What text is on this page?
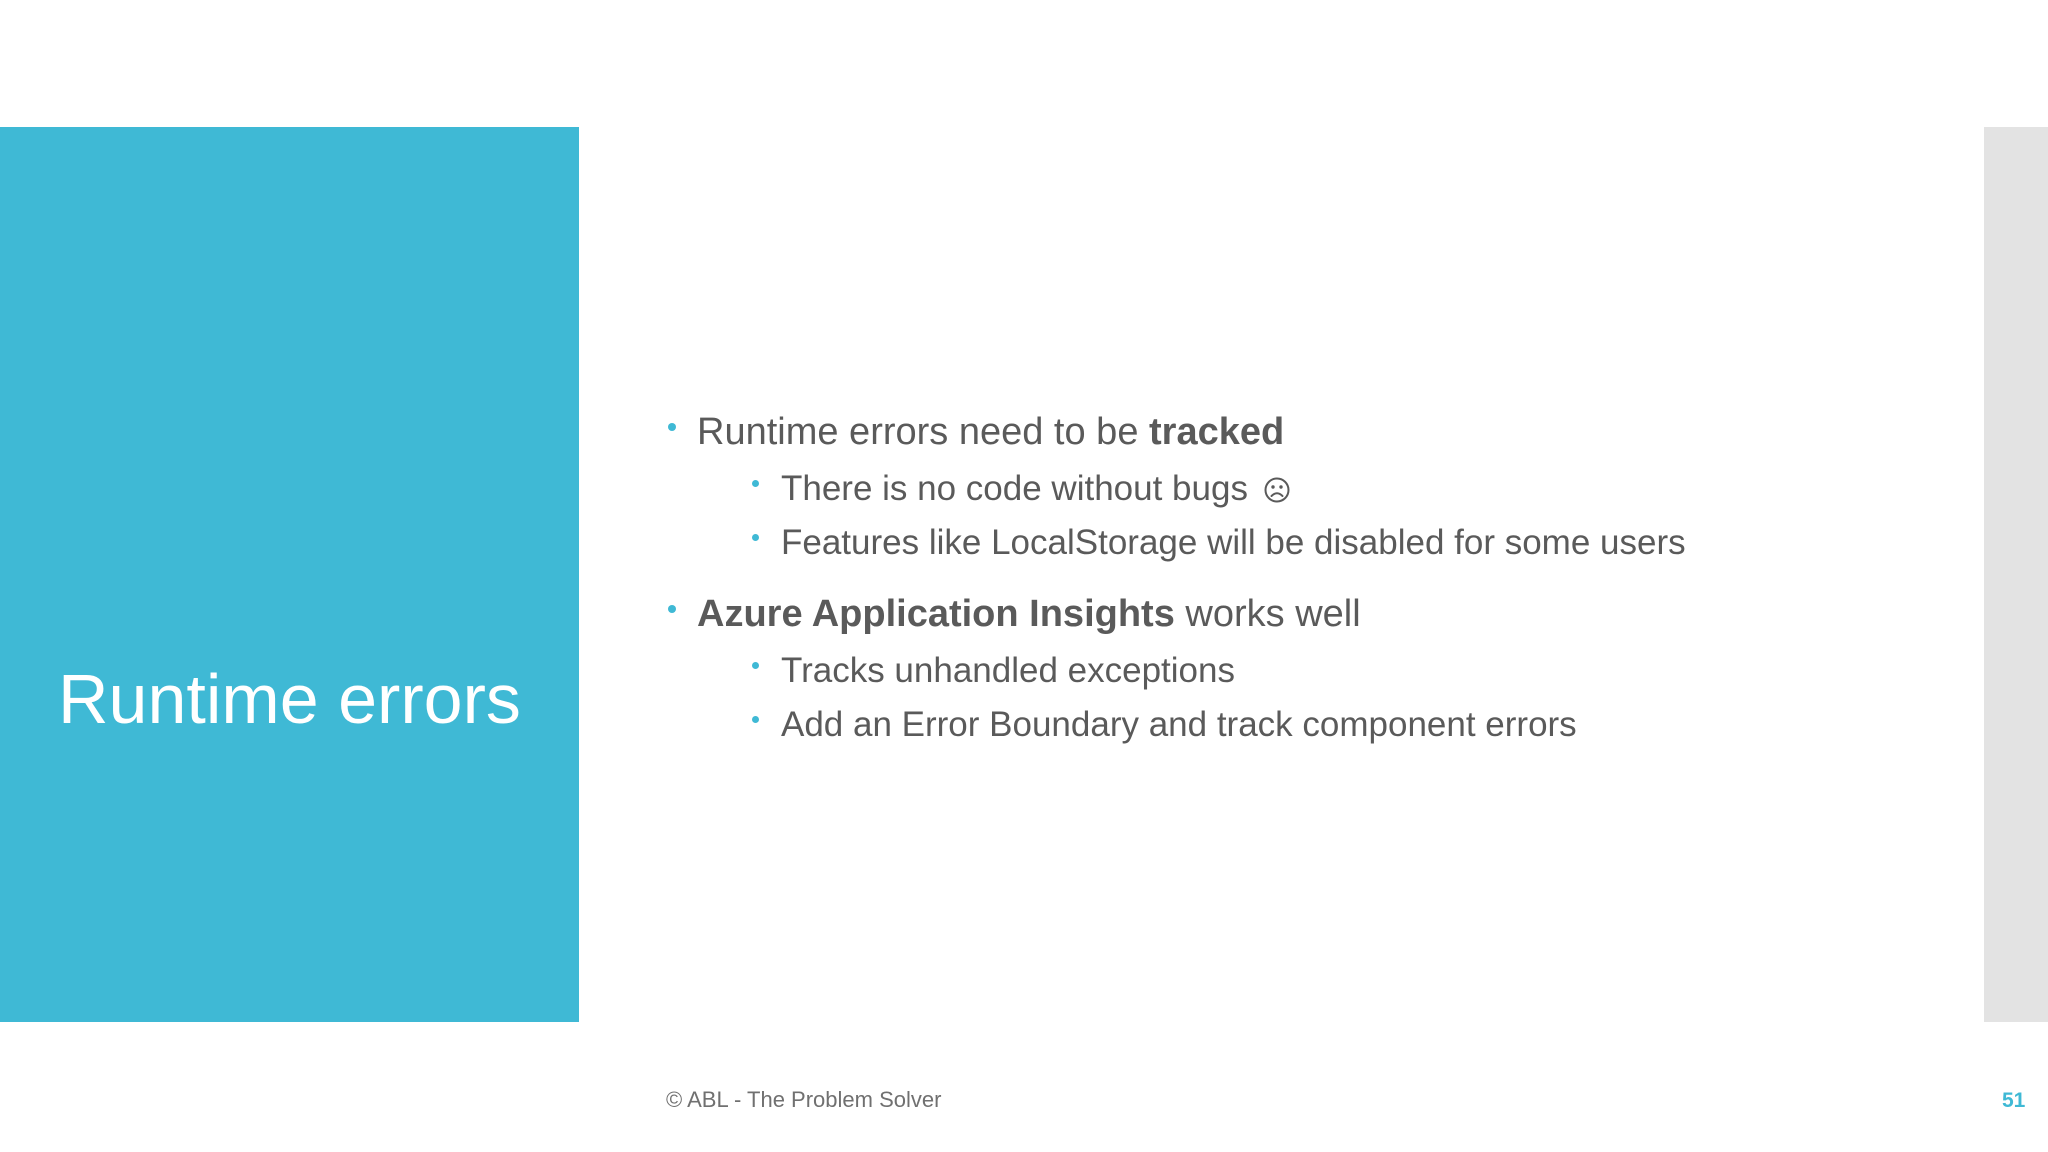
Runtime errors
Runtime errors need to be tracked
There is no code without bugs
Features like LocalStorage will be disabled for some users
Azure Application Insights works well
Tracks unhandled exceptions
Add an Error Boundary and track component errors
© ABL - The Problem Solver	51
